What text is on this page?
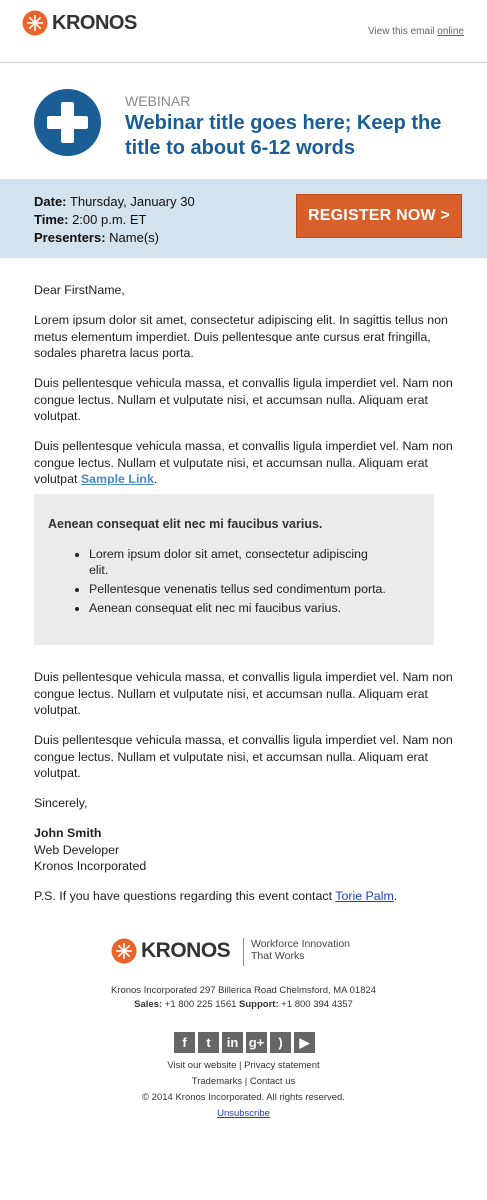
KRONOS	View this email online
WEBINAR
Webinar title goes here; Keep the title to about 6-12 words
Date: Thursday, January 30
Time: 2:00 p.m. ET
Presenters: Name(s)
REGISTER NOW >

Dear FirstName,

Lorem ipsum dolor sit amet, consectetur adipiscing elit. In sagittis tellus non metus elementum imperdiet. Duis pellentesque ante cursus erat fringilla, sodales pharetra lacus porta.

Duis pellentesque vehicula massa, et convallis ligula imperdiet vel. Nam non congue lectus. Nullam et vulputate nisi, et accumsan nulla. Aliquam erat volutpat.

Duis pellentesque vehicula massa, et convallis ligula imperdiet vel. Nam non congue lectus. Nullam et vulputate nisi, et accumsan nulla. Aliquam erat volutpat Sample Link.

Aenean consequat elit nec mi faucibus varius.
• Lorem ipsum dolor sit amet, consectetur adipiscing elit.
• Pellentesque venenatis tellus sed condimentum porta.
• Aenean consequat elit nec mi faucibus varius.

Duis pellentesque vehicula massa, et convallis ligula imperdiet vel. Nam non congue lectus. Nullam et vulputate nisi, et accumsan nulla. Aliquam erat volutpat.

Duis pellentesque vehicula massa, et convallis ligula imperdiet vel. Nam non congue lectus. Nullam et vulputate nisi, et accumsan nulla. Aliquam erat volutpat.

Sincerely,

John Smith
Web Developer
Kronos Incorporated

P.S. If you have questions regarding this event contact Torie Palm.

KRONOS Workforce Innovation
That Works
Kronos Incorporated 297 Billerica Road Chelmsford, MA 01824
Sales: +1 800 225 1561 Support: +1 800 394 4357
f	t	in g+	)	▶
Visit our website | Privacy statement
Trademarks | Contact us
© 2014 Kronos Incorporated. All rights reserved.
Unsubscribe
